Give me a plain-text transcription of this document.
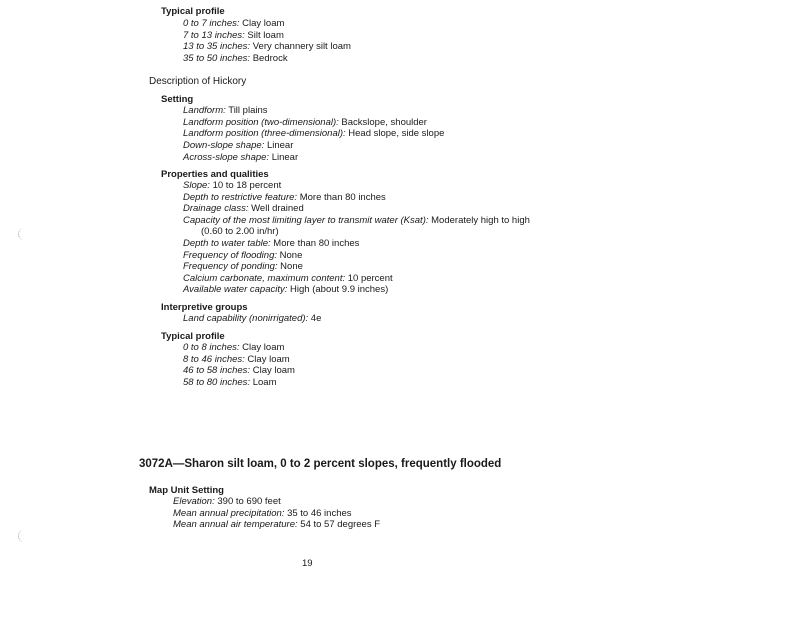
Typical profile
0 to 7 inches: Clay loam
7 to 13 inches: Silt loam
13 to 35 inches: Very channery silt loam
35 to 50 inches: Bedrock
Description of Hickory
Setting
Landform: Till plains
Landform position (two-dimensional): Backslope, shoulder
Landform position (three-dimensional): Head slope, side slope
Down-slope shape: Linear
Across-slope shape: Linear
Properties and qualities
Slope: 10 to 18 percent
Depth to restrictive feature: More than 80 inches
Drainage class: Well drained
Capacity of the most limiting layer to transmit water (Ksat): Moderately high to high
(0.60 to 2.00 in/hr)
Depth to water table: More than 80 inches
Frequency of flooding: None
Frequency of ponding: None
Calcium carbonate, maximum content: 10 percent
Available water capacity: High (about 9.9 inches)
Interpretive groups
Land capability (nonirrigated): 4e
Typical profile
0 to 8 inches: Clay loam
8 to 46 inches: Clay loam
46 to 58 inches: Clay loam
58 to 80 inches: Loam
3072A—Sharon silt loam, 0 to 2 percent slopes, frequently flooded
Map Unit Setting
Elevation: 390 to 690 feet
Mean annual precipitation: 35 to 46 inches
Mean annual air temperature: 54 to 57 degrees F
19
